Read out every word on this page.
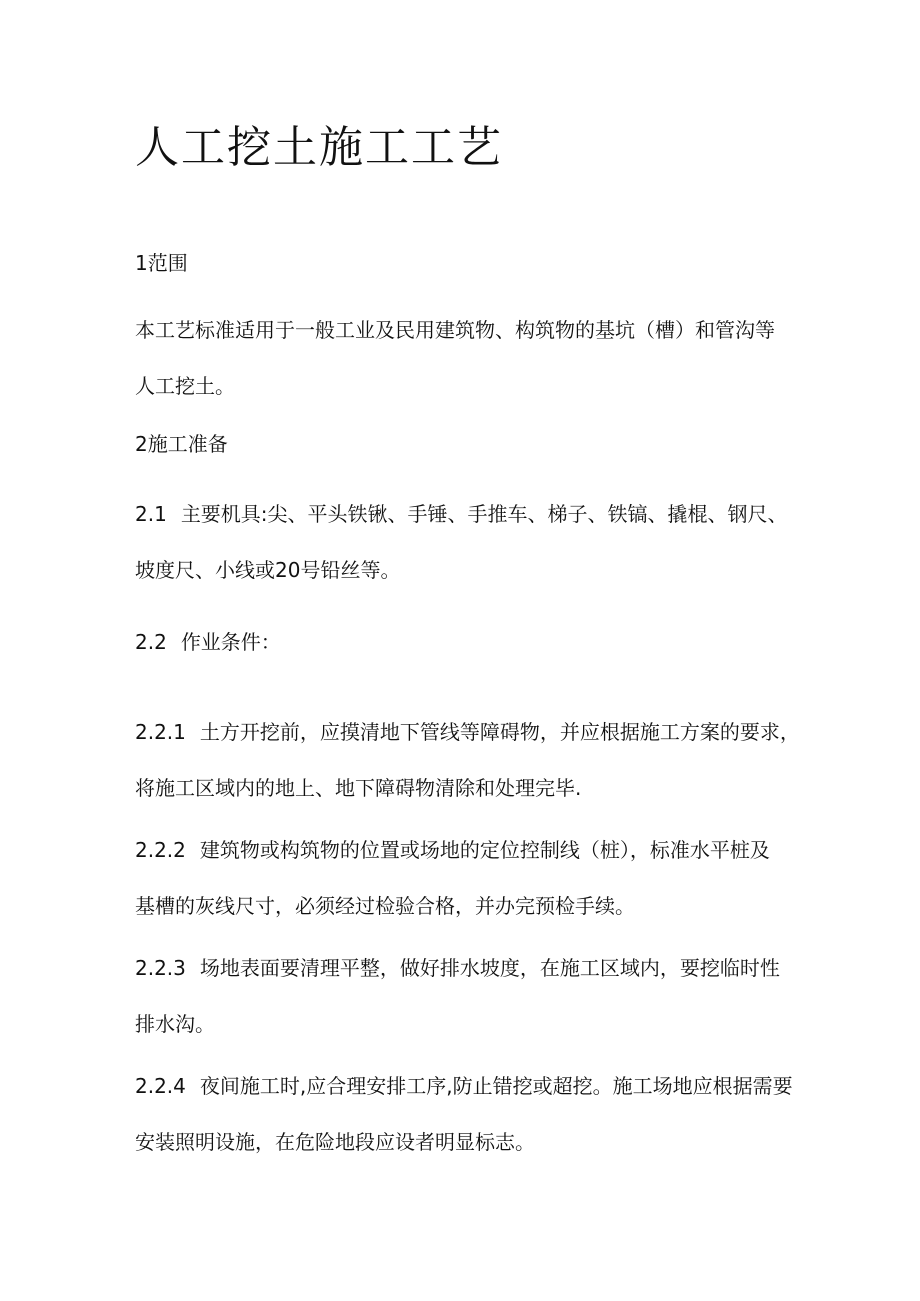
人工挖土施工工艺
1范围
本工艺标准适用于一般工业及民用建筑物、构筑物的基坑（槽）和管沟等
人工挖土。
2施工准备
2.1 主要机具:尖、平头铁锹、手锤、手推车、梯子、铁镐、撬棍、钢尺、
坡度尺、小线或20号铅丝等。
2.2 作业条件：
2.2.1 土方开挖前，应摸清地下管线等障碍物，并应根据施工方案的要求，
将施工区域内的地上、地下障碍物清除和处理完毕.
2.2.2 建筑物或构筑物的位置或场地的定位控制线（桩），标准水平桩及
基槽的灰线尺寸，必须经过检验合格，并办完预检手续。
2.2.3 场地表面要清理平整，做好排水坡度，在施工区域内，要挖临时性
排水沟。
2.2.4 夜间施工时,应合理安排工序,防止错挖或超挖。施工场地应根据需要
安装照明设施，在危险地段应设者明显标志。
